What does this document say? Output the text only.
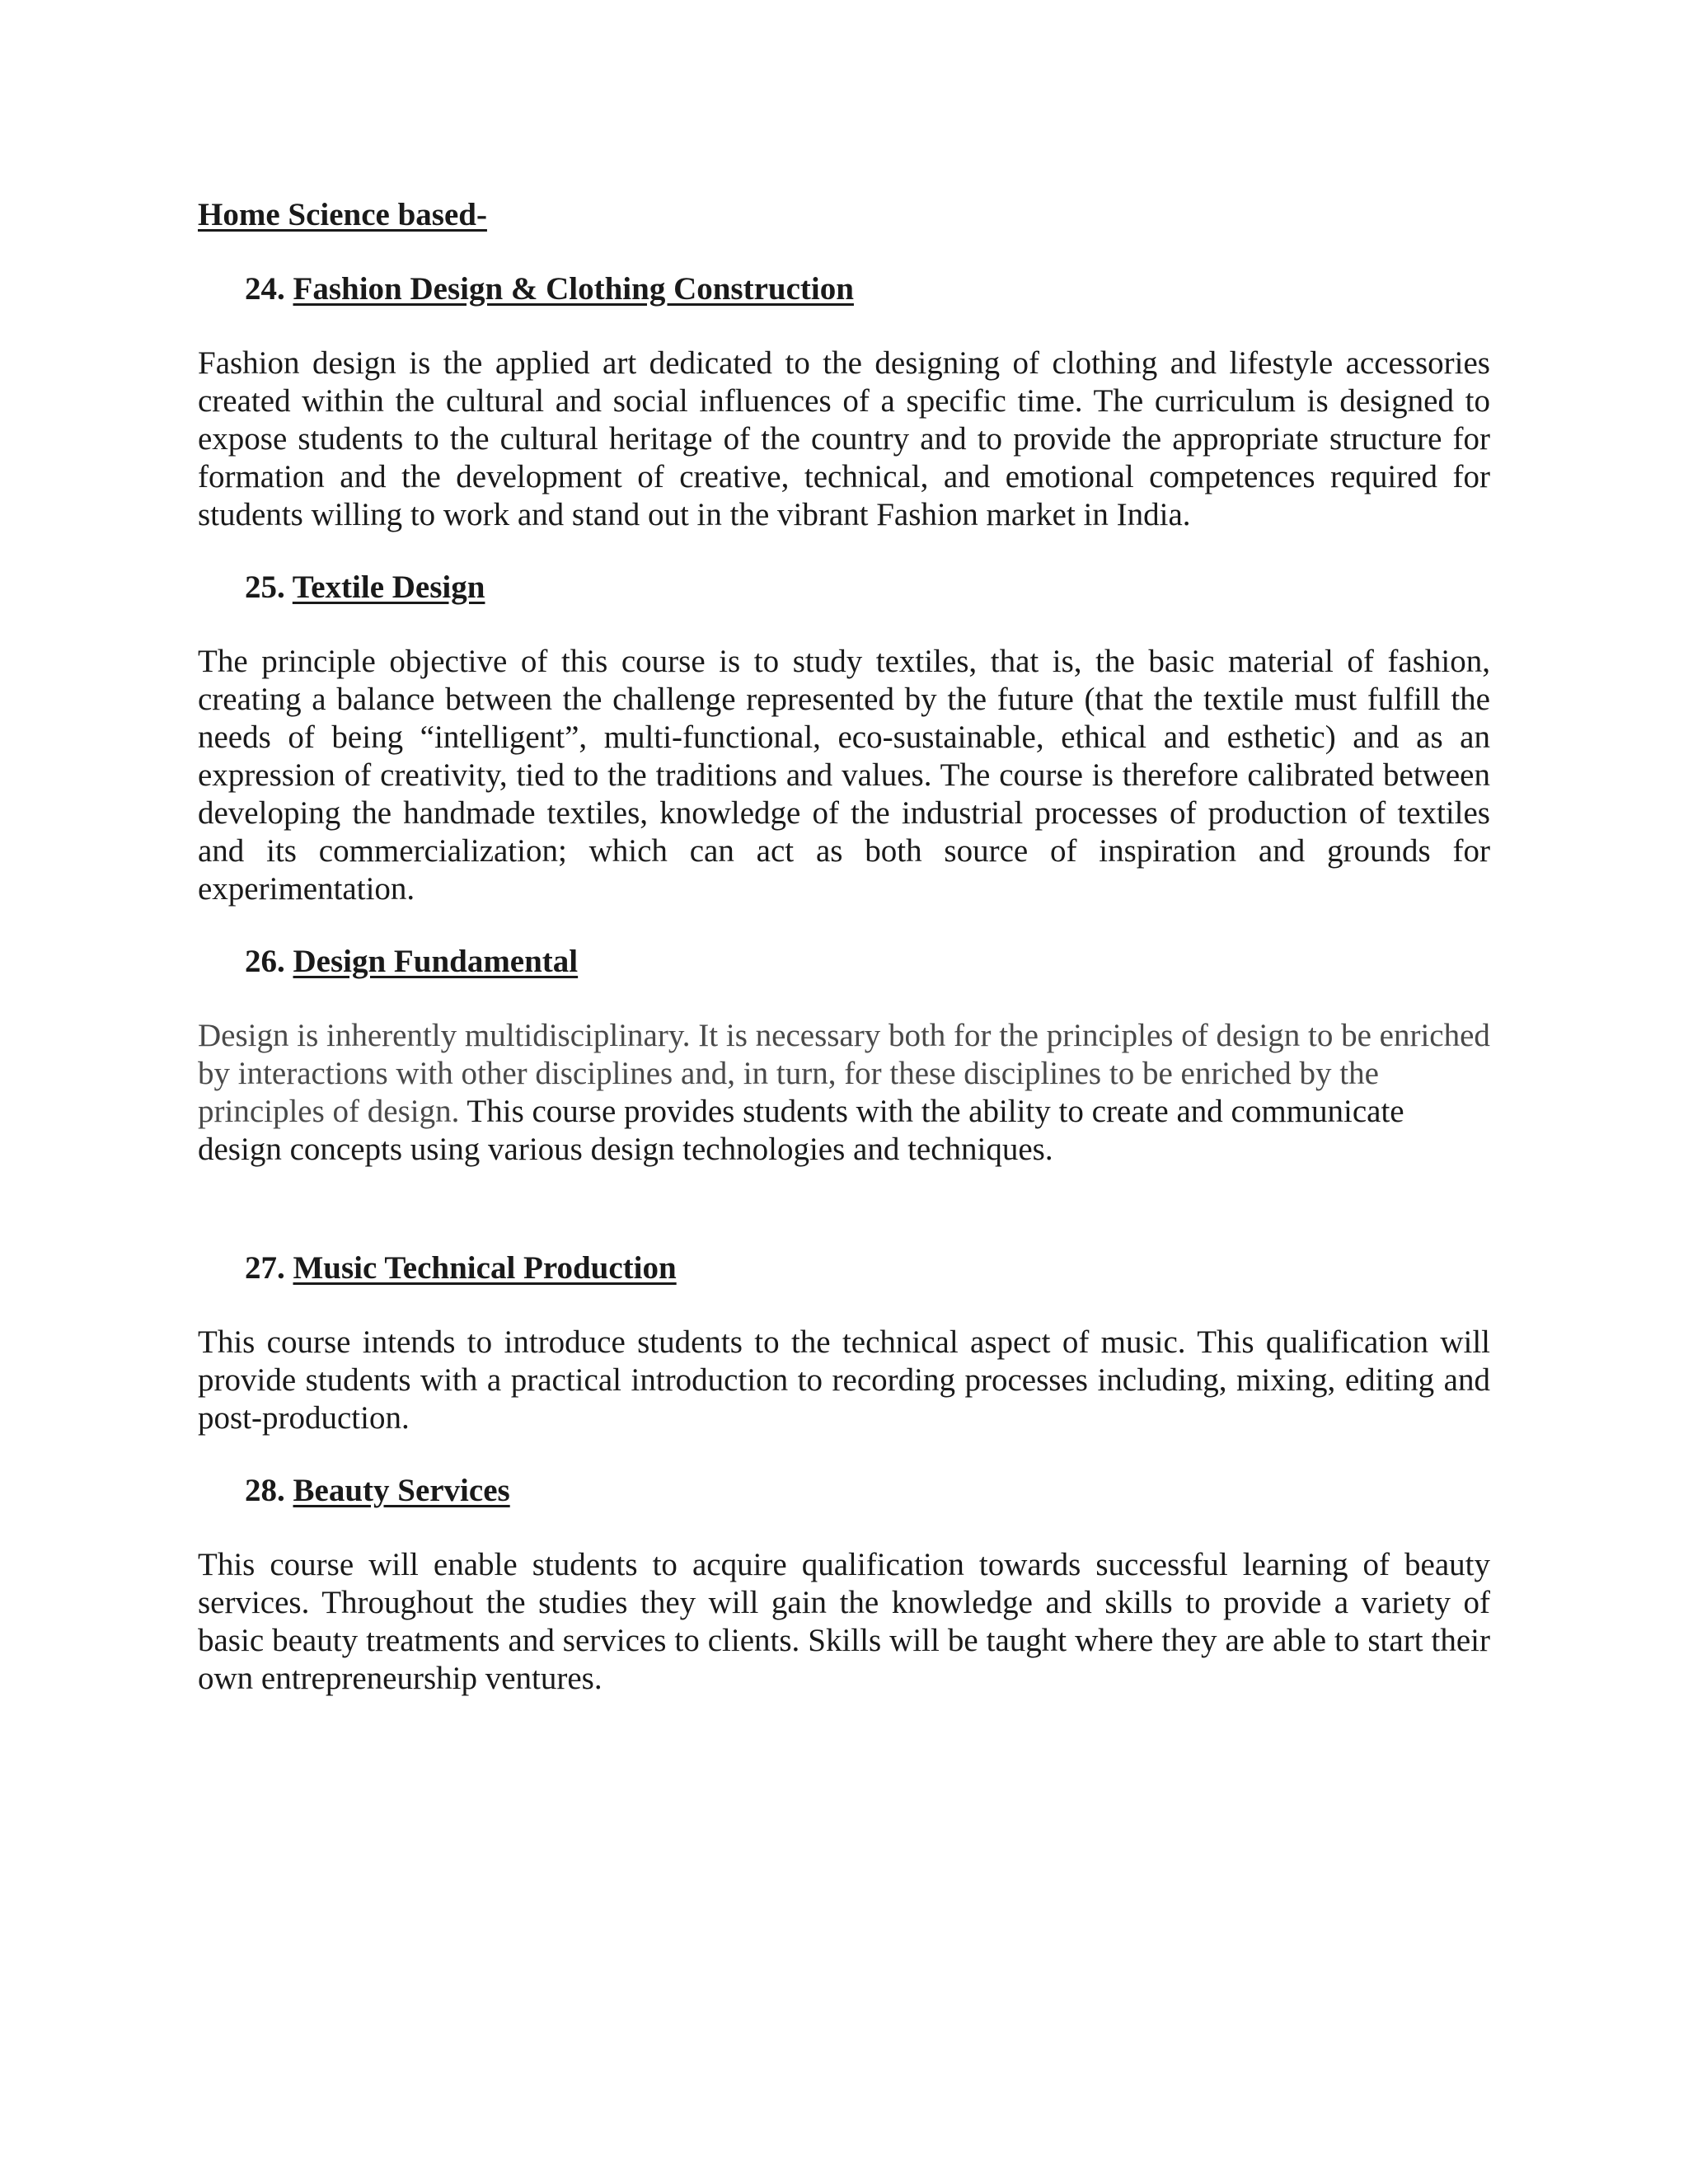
Home Science based-

24. Fashion Design & Clothing Construction

Fashion design is the applied art dedicated to the designing of clothing and lifestyle accessories created within the cultural and social influences of a specific time. The curriculum is designed to expose students to the cultural heritage of the country and to provide the appropriate structure for formation and the development of creative, technical, and emotional competences required for students willing to work and stand out in the vibrant Fashion market in India.

25. Textile Design

The principle objective of this course is to study textiles, that is, the basic material of fashion, creating a balance between the challenge represented by the future (that the textile must fulfill the needs of being “intelligent”, multi-functional, eco-sustainable, ethical and esthetic) and as an expression of creativity, tied to the traditions and values. The course is therefore calibrated between developing the handmade textiles, knowledge of the industrial processes of production of textiles and its commercialization; which can act as both source of inspiration and grounds for experimentation.

26. Design Fundamental

Design is inherently multidisciplinary. It is necessary both for the principles of design to be enriched by interactions with other disciplines and, in turn, for these disciplines to be enriched by the principles of design. This course provides students with the ability to create and communicate design concepts using various design technologies and techniques.

27. Music Technical Production

This course intends to introduce students to the technical aspect of music. This qualification will provide students with a practical introduction to recording processes including, mixing, editing and post-production.

28. Beauty Services

This course will enable students to acquire qualification towards successful learning of beauty services. Throughout the studies they will gain the knowledge and skills to provide a variety of basic beauty treatments and services to clients. Skills will be taught where they are able to start their own entrepreneurship ventures.
